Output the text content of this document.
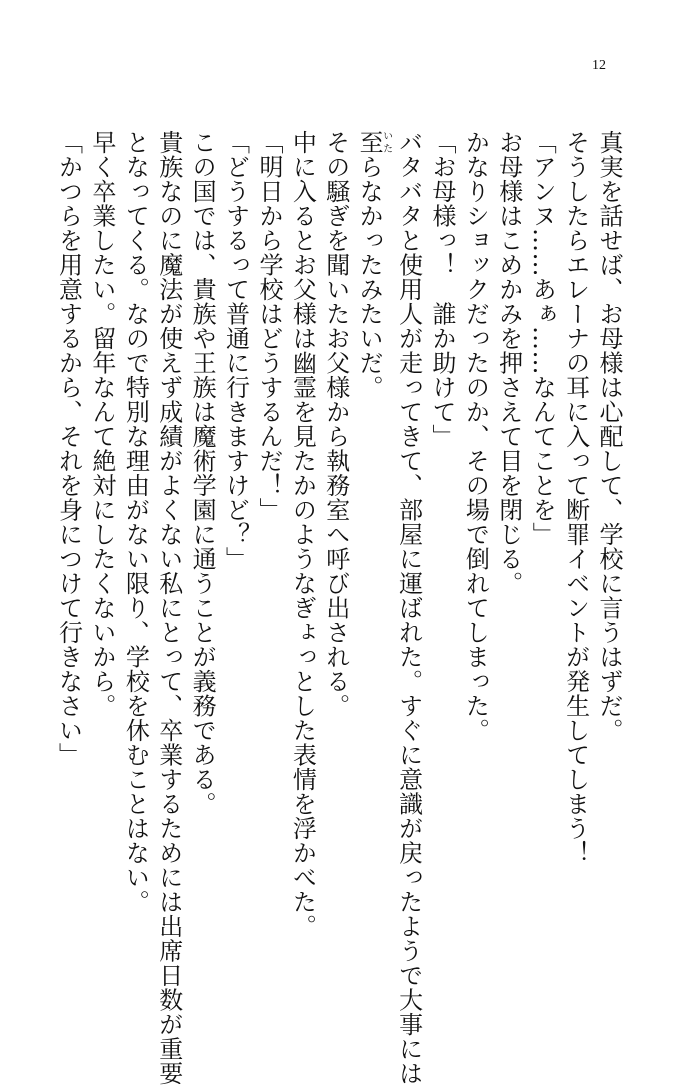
12
真実を話せば、お母様は心配して、学校に言うはずだ。
そうしたらエレーナの耳に入って断罪イベントが発生してしまう！
「アンヌ……あぁ……なんてことを」
お母様はこめかみを押さえて目を閉じる。
かなりショックだったのか、その場で倒れてしまった。
「お母様っ！　誰か助けて」
バタバタと使用人が走ってきて、部屋に運ばれた。すぐに意識が戻ったようで大事には
至いたらなかったみたいだ。
その騒ぎを聞いたお父様から執務室へ呼び出される。
中に入るとお父様は幽霊を見たかのようなぎょっとした表情を浮かべた。
「明日から学校はどうするんだ！」
「どうするって普通に行きますけど？」
この国では、貴族や王族は魔術学園に通うことが義務である。
貴族なのに魔法が使えず成績がよくない私にとって、卒業するためには出席日数が重要
となってくる。なので特別な理由がない限り、学校を休むことはない。
早く卒業したい。留年なんて絶対にしたくないから。
「かつらを用意するから、それを身につけて行きなさい」
